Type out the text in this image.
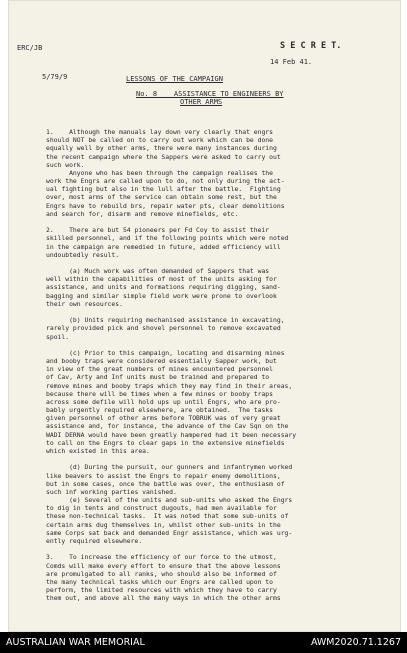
ERC/JB
5/79/9
S E C R E T.
14 Feb 41.
LESSONS OF THE CAMPAIGN
No. 8    ASSISTANCE TO ENGINEERS BY
OTHER ARMS
1.    Although the manuals lay down very clearly that engrs
should NOT be called on to carry out work which can be done
equally well by other arms, there were many instances during
the recent campaign where the Sappers were asked to carry out
such work.
Anyone who has been through the campaign realises the
work the Engrs are called upon to do, not only during the act-
ual fighting but also in the lull after the battle.  Fighting
over, most arms of the service can obtain some rest, but the
Engrs have to rebuild brs, repair water pts, clear demolitions
and search for, disarm and remove minefields, etc.
2.    There are but 54 pioneers per Fd Coy to assist their
skilled personnel, and if the following points which were noted
in the campaign are remedied in future, added efficiency will
undoubtedly result.
(a) Much work was often demanded of Sappers that was
well within the capabilities of most of the units asking for
assistance, and units and formations requiring digging, sand-
bagging and similar simple field work were prone to overlook
their own resources.
(b) Units requiring mechanised assistance in excavating,
rarely provided pick and shovel personnel to remove excavated
spoil.
(c) Prior to this campaign, locating and disarming mines
and booby traps were considered essentially Sapper work, but
in view of the great numbers of mines encountered personnel
of Cav, Arty and Inf units must be trained and prepared to
remove mines and booby traps which they may find in their areas,
because there will be times when a few mines or booby traps
across some defile will hold ups up until Engrs, who are pro-
bably urgently required elsewhere, are obtained.  The tasks
given personnel of other arms before TOBRUK was of very great
assistance and, for instance, the advance of the Cav Sqn on the
WADI DERNA would have been greatly hampered had it been necessary
to call on the Engrs to clear gaps in the extensive minefields
which existed in this area.
(d) During the pursuit, our gunners and infantrymen worked
like beavers to assist the Engrs to repair enemy demolitions,
but in some cases, once the battle was over, the enthusiasm of
such inf working parties vanished.
(e) Several of the units and sub-units who asked the Engrs
to dig in tents and construct dugouts, had men available for
these non-technical tasks.  It was noted that some sub-units of
certain arms dug themselves in, whilst other sub-units in the
same Corps sat back and demanded Engr assistance, which was urg-
ently required elsewhere.
3.    To increase the efficiency of our force to the utmost,
Comds will make every effort to ensure that the above lessons
are promulgated to all ranks, who should also be informed of
the many technical tasks which our Engrs are called upon to
perform, the limited resources with which they have to carry
them out, and above all the many ways in which the other arms
AUSTRALIAN WAR MEMORIAL	AWM2020.71.1267
